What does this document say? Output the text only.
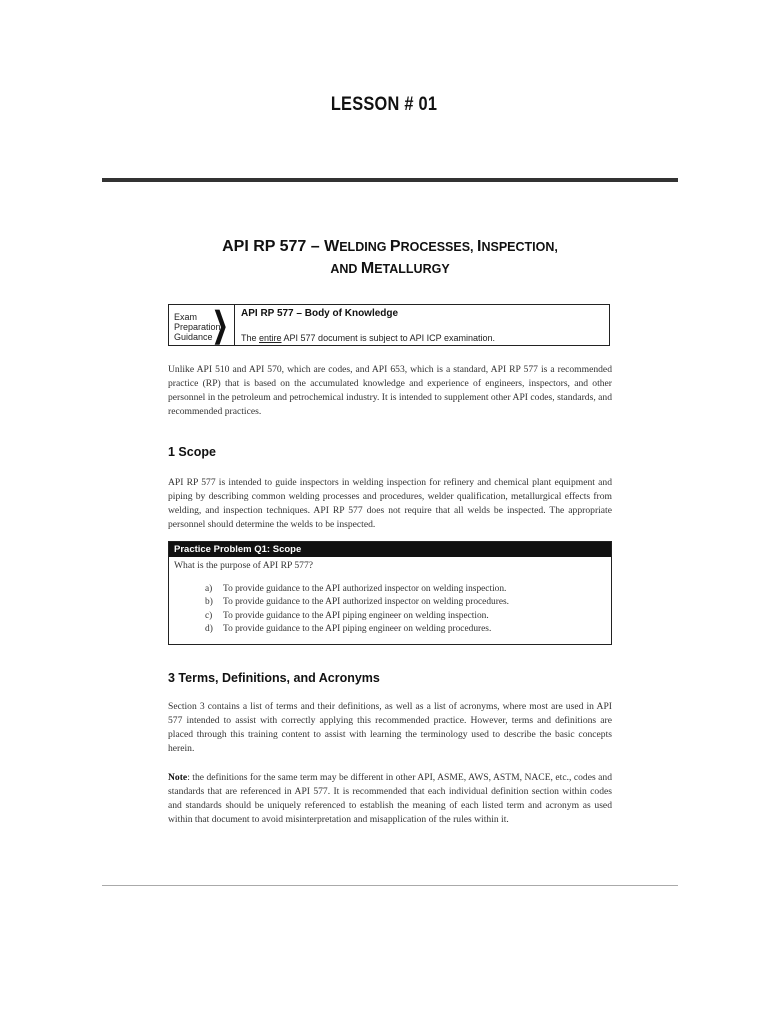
LESSON # 01
API RP 577 – WELDING PROCESSES, INSPECTION,
AND METALLURGY
Exam
Preparation
Guidance ❯ API RP 577 – Body of Knowledge
The entire API 577 document is subject to API ICP examination.

Unlike API 510 and API 570, which are codes, and API 653, which is a standard, API RP 577 is a recommended practice (RP) that is based on the accumulated knowledge and experience of engineers, inspectors, and other personnel in the petroleum and petrochemical industry. It is intended to supplement other API codes, standards, and recommended practices.

1 Scope

API RP 577 is intended to guide inspectors in welding inspection for refinery and chemical plant equipment and piping by describing common welding processes and procedures, welder qualification, metallurgical effects from welding, and inspection techniques. API RP 577 does not require that all welds be inspected. The appropriate personnel should determine the welds to be inspected.

Practice Problem Q1: Scope
What is the purpose of API RP 577?
a) To provide guidance to the API authorized inspector on welding inspection.
b) To provide guidance to the API authorized inspector on welding procedures.
c) To provide guidance to the API piping engineer on welding inspection.
d) To provide guidance to the API piping engineer on welding procedures.
3 Terms, Definitions, and Acronyms

Section 3 contains a list of terms and their definitions, as well as a list of acronyms, where most are used in API 577 intended to assist with correctly applying this recommended practice. However, terms and definitions are placed through this training content to assist with learning the terminology used to describe the basic concepts herein.

Note: the definitions for the same term may be different in other API, ASME, AWS, ASTM, NACE, etc., codes and standards that are referenced in API 577. It is recommended that each individual definition section within codes and standards should be uniquely referenced to establish the meaning of each listed term and acronym as used within that document to avoid misinterpretation and misapplication of the rules within it.
